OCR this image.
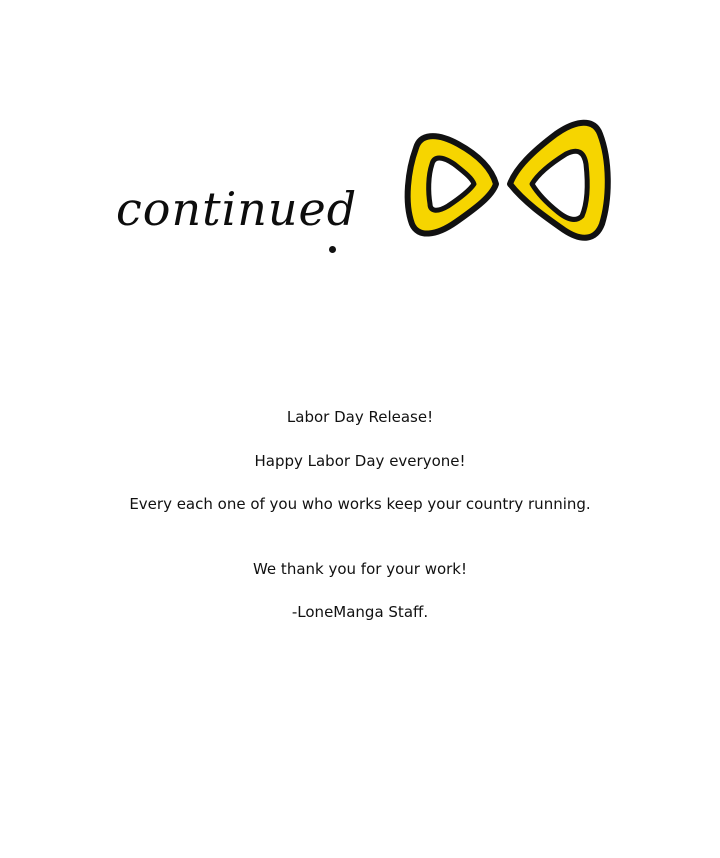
continued
Labor Day Release!
Happy Labor Day everyone!
Every each one of you who works keep your country running.
We thank you for your work!
-LoneManga Staff.
